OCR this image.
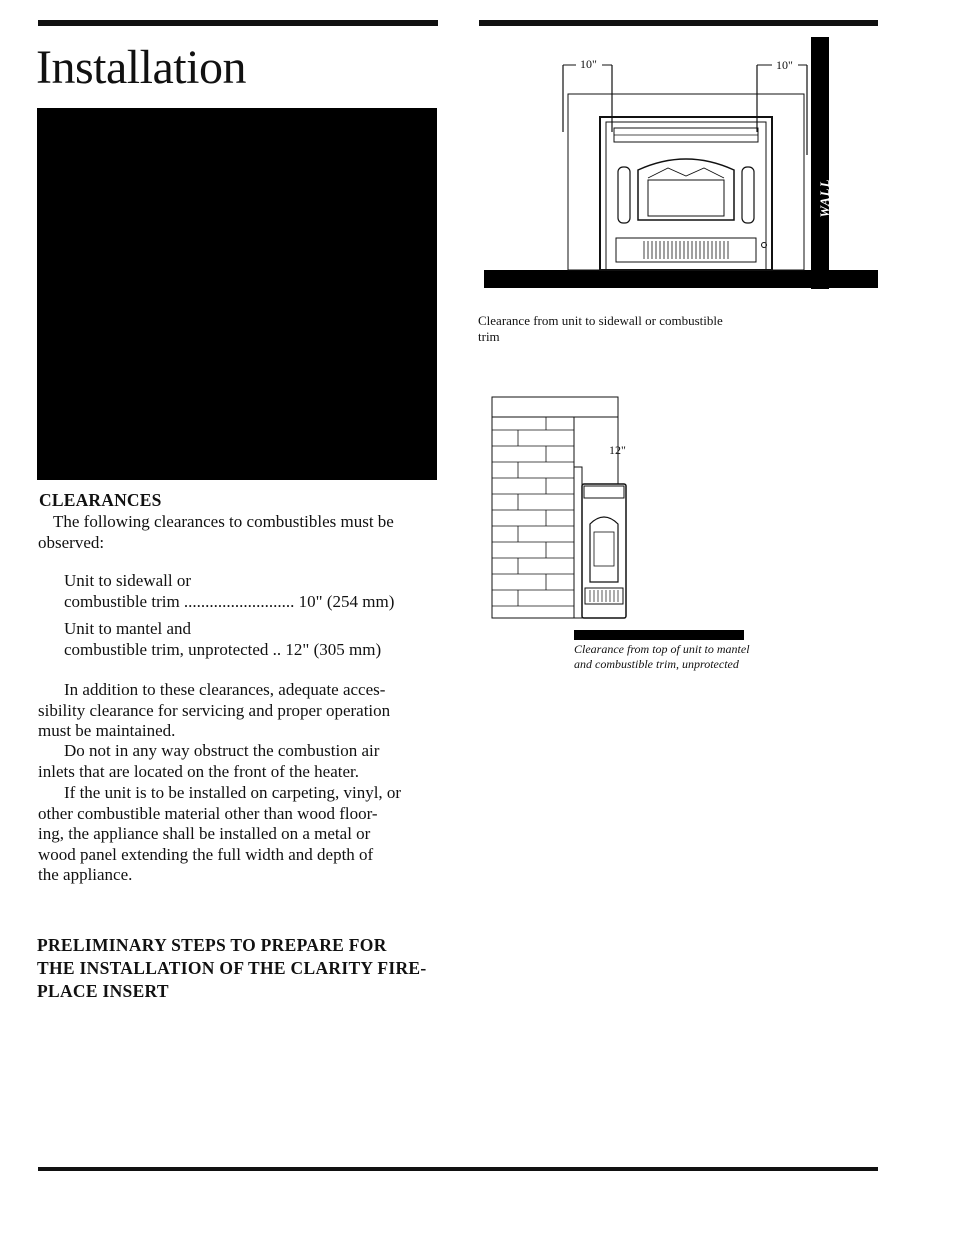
Installation
CLEARANCES
The following clearances to combustibles must be
observed:
Unit to sidewall or
combustible trim .......................... 10" (254 mm)
Unit to mantel and
combustible trim, unprotected .. 12" (305 mm)
In addition to these clearances, adequate acces-
sibility clearance for servicing and proper operation
must be maintained.
Do not in any way obstruct the combustion air
inlets that are located on the front of the heater.
If the unit is to be installed on carpeting, vinyl, or
other combustible material other than wood floor-
ing, the appliance shall be installed on a metal or
wood panel extending the full width and depth of
the appliance.
PRELIMINARY STEPS TO PREPARE FOR
THE INSTALLATION OF THE CLARITY FIRE-
PLACE INSERT
10"	10"
WALL
Clearance from unit to sidewall or combustible
trim
12"
Clearance from top of unit to mantel
and combustible trim, unprotected
